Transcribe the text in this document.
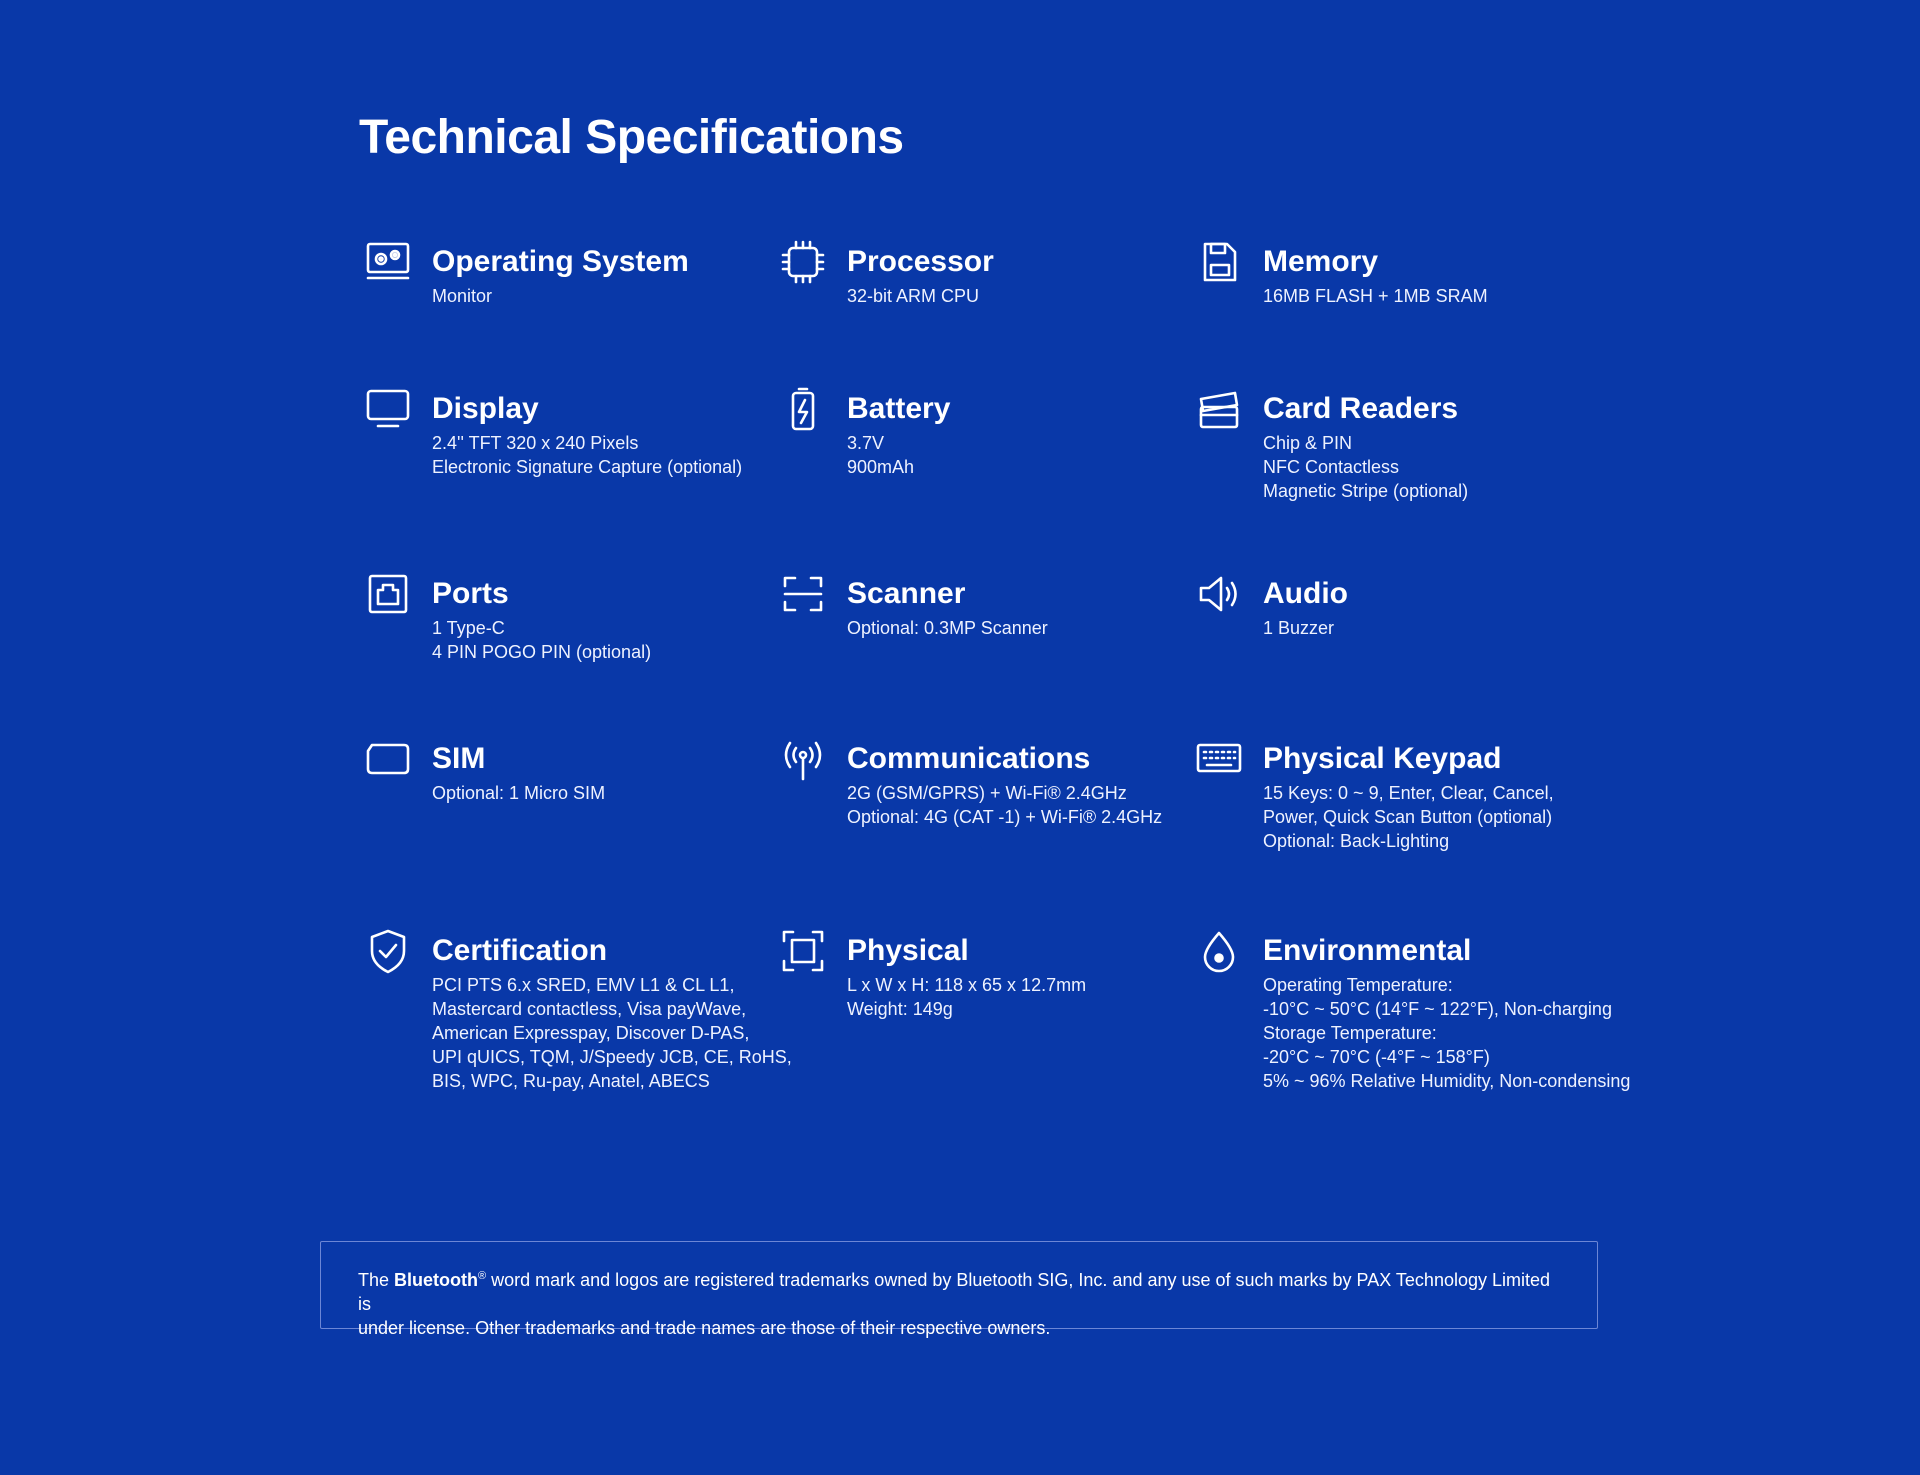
Technical Specifications
Operating System
Monitor
Processor
32-bit ARM CPU
Memory
16MB FLASH + 1MB SRAM
Display
2.4'' TFT 320 x 240 Pixels
Electronic Signature Capture (optional)
Battery
3.7V
900mAh
Card Readers
Chip & PIN
NFC Contactless
Magnetic Stripe (optional)
Ports
1 Type-C
4 PIN POGO PIN (optional)
Scanner
Optional: 0.3MP Scanner
Audio
1 Buzzer
SIM
Optional: 1 Micro SIM
Communications
2G (GSM/GPRS) + Wi-Fi® 2.4GHz
Optional: 4G (CAT -1) + Wi-Fi® 2.4GHz
Physical Keypad
15 Keys: 0 ~ 9, Enter, Clear, Cancel,
Power, Quick Scan Button (optional)
Optional: Back-Lighting
Certification
PCI PTS 6.x SRED, EMV L1 & CL L1,
Mastercard contactless, Visa payWave,
American Expresspay, Discover D-PAS,
UPI qUICS, TQM, J/Speedy JCB, CE, RoHS,
BIS, WPC, Ru-pay, Anatel, ABECS
Physical
L x W x H: 118 x 65 x 12.7mm
Weight: 149g
Environmental
Operating Temperature:
-10°C ~ 50°C (14°F ~ 122°F), Non-charging
Storage Temperature:
-20°C ~ 70°C (-4°F ~ 158°F)
5% ~ 96% Relative Humidity, Non-condensing
The Bluetooth® word mark and logos are registered trademarks owned by Bluetooth SIG, Inc. and any use of such marks by PAX Technology Limited is
under license. Other trademarks and trade names are those of their respective owners.
